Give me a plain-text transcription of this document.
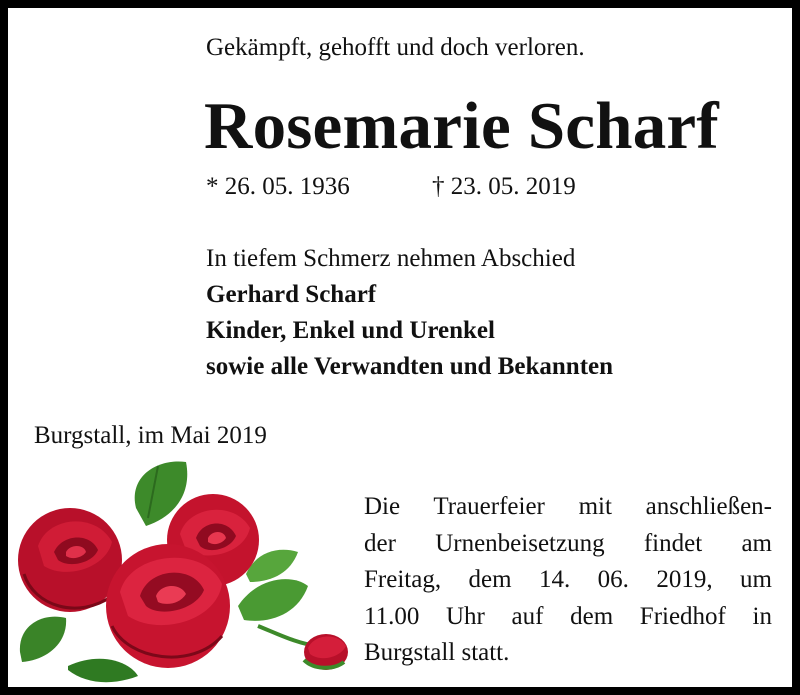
Gekämpft, gehofft und doch verloren.

Rosemarie Scharf
* 26. 05. 1936	† 23. 05. 2019
In tiefem Schmerz nehmen Abschied
Gerhard Scharf
Kinder, Enkel und Urenkel
sowie alle Verwandten und Bekannten

Burgstall, im Mai 2019

Die Trauerfeier mit anschließen-
der Urnenbeisetzung findet am
Freitag, dem 14. 06. 2019, um
11.00 Uhr auf dem Friedhof in
Burgstall statt.
